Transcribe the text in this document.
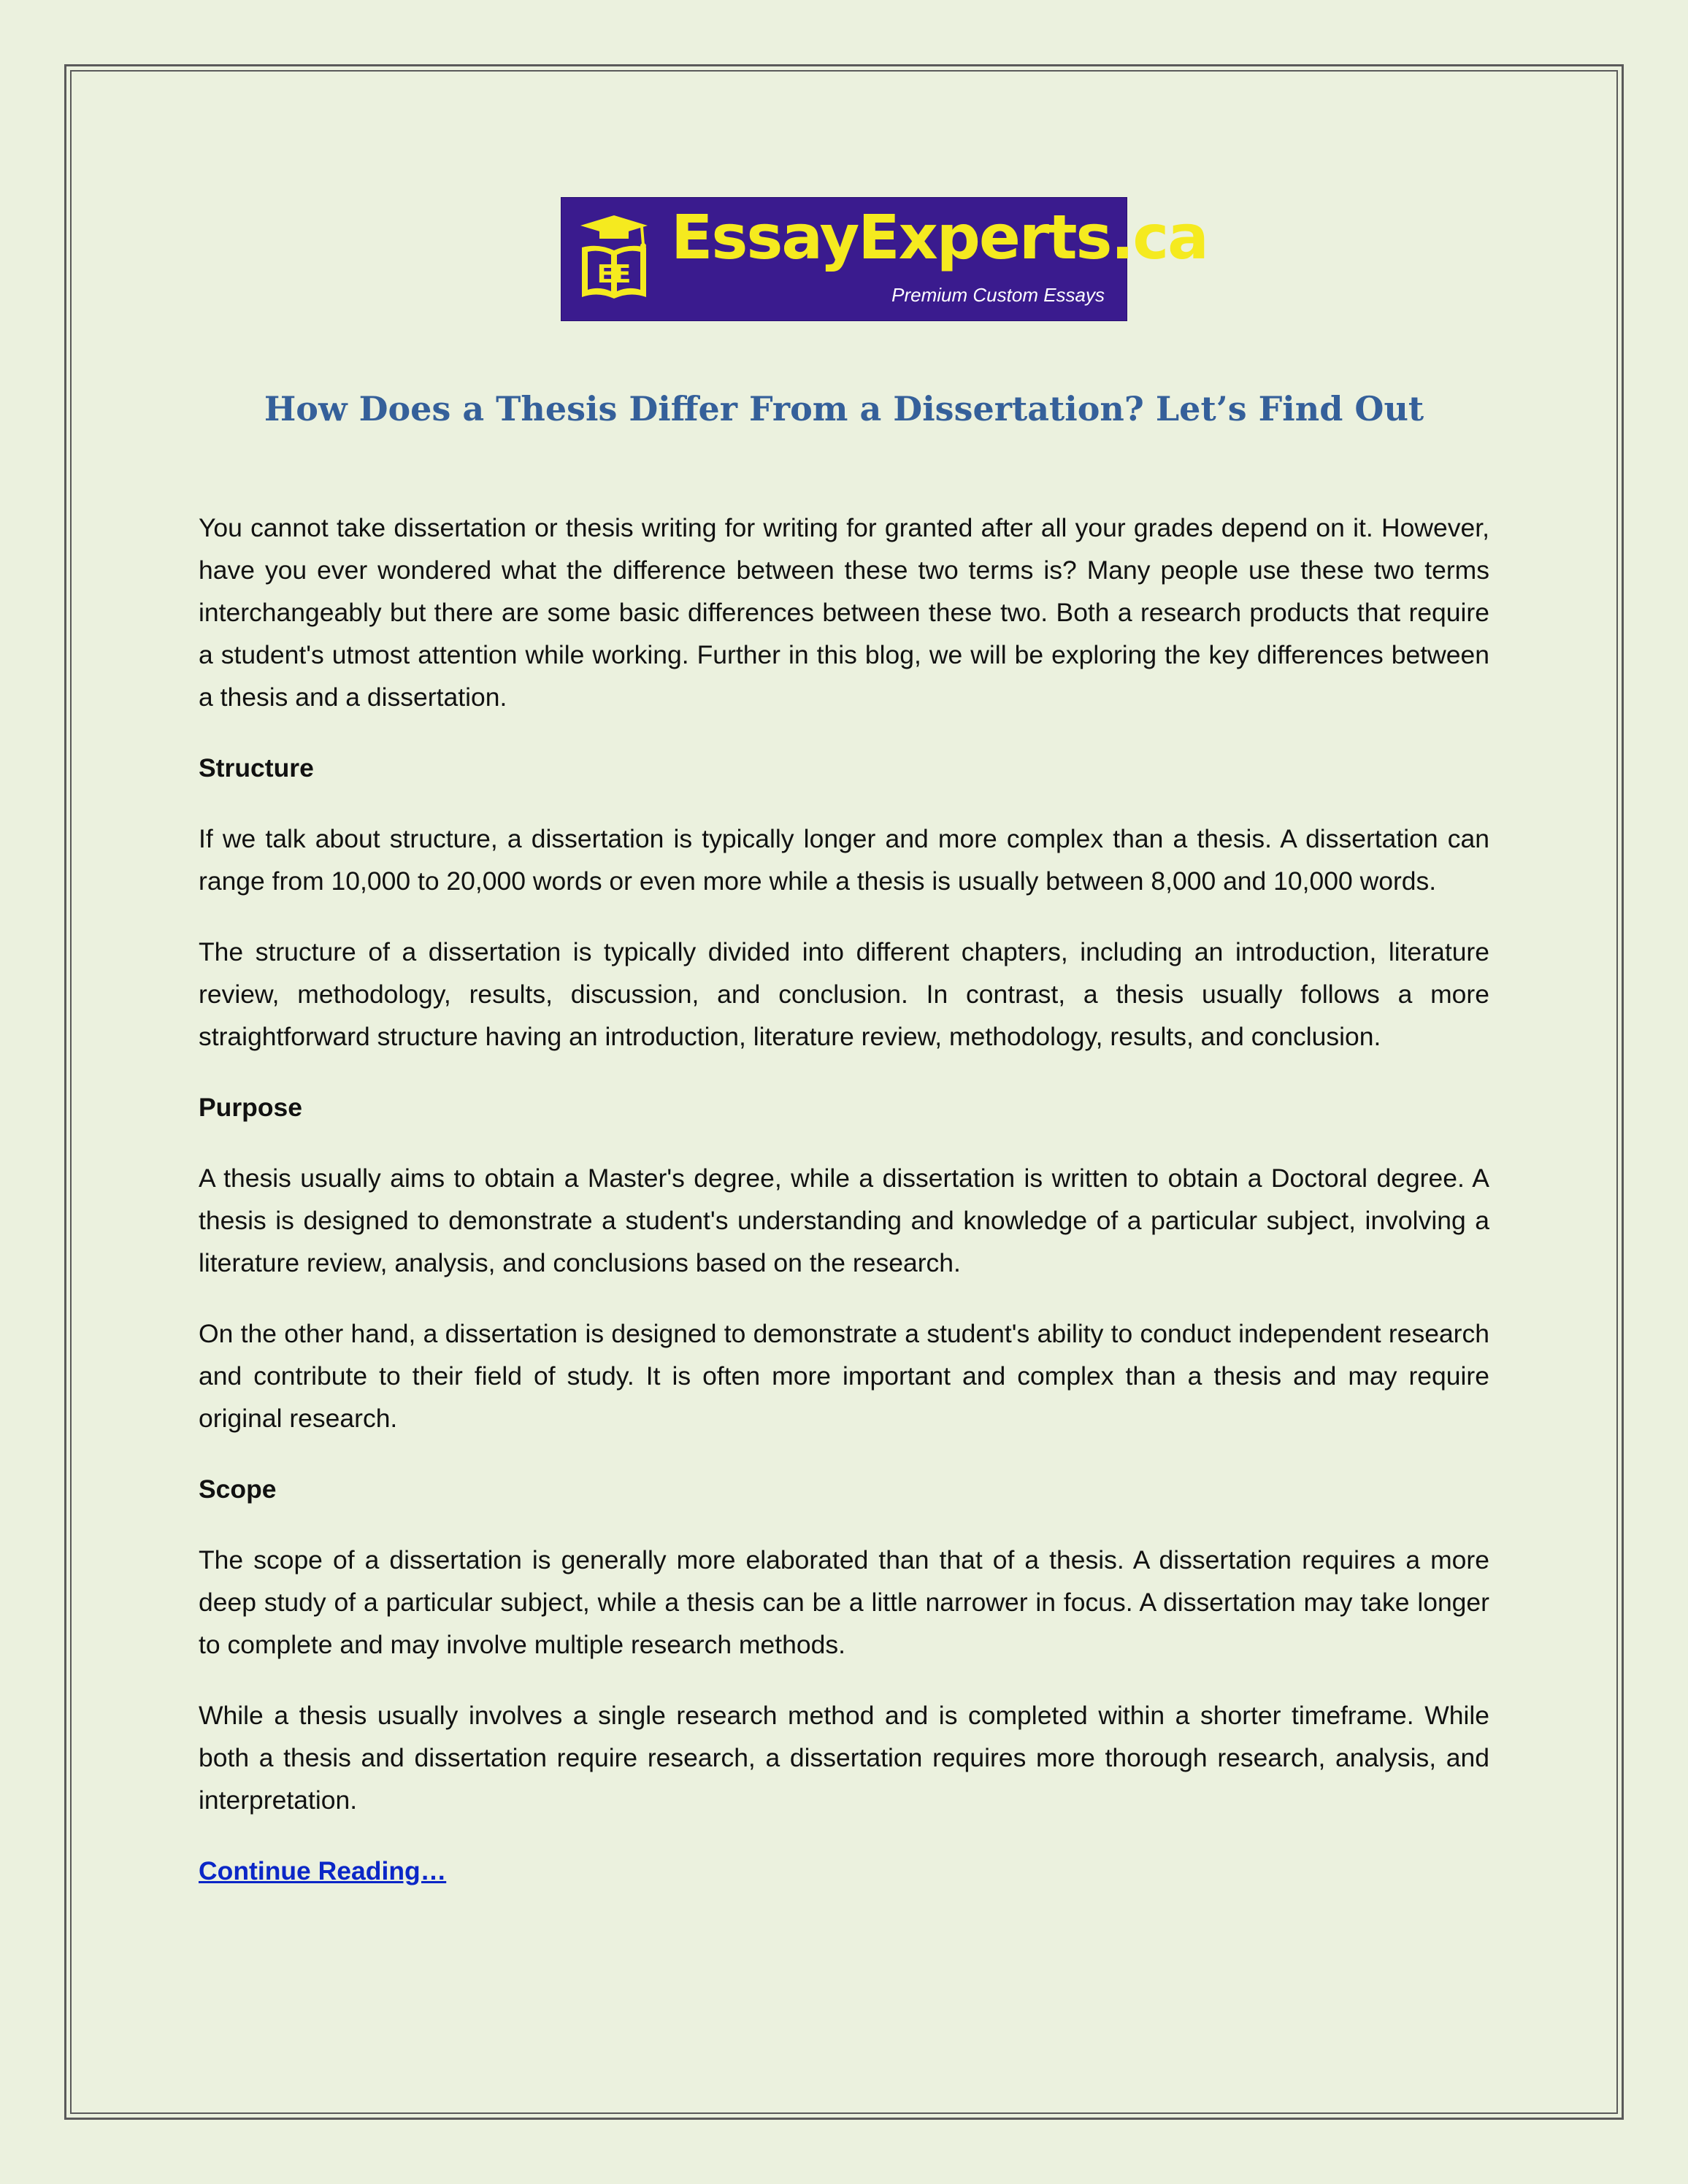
EE
EssayExperts.ca
Premium Custom Essays
How Does a Thesis Differ From a Dissertation? Let’s Find Out

You cannot take dissertation or thesis writing for writing for granted after all your grades depend on it. However, have you ever wondered what the difference between these two terms is? Many people use these two terms interchangeably but there are some basic differences between these two. Both a research products that require a student's utmost attention while working. Further in this blog, we will be exploring the key differences between a thesis and a dissertation.

Structure

If we talk about structure, a dissertation is typically longer and more complex than a thesis. A dissertation can range from 10,000 to 20,000 words or even more while a thesis is usually between 8,000 and 10,000 words.

The structure of a dissertation is typically divided into different chapters, including an introduction, literature review, methodology, results, discussion, and conclusion. In contrast, a thesis usually follows a more straightforward structure having an introduction, literature review, methodology, results, and conclusion.

Purpose

A thesis usually aims to obtain a Master's degree, while a dissertation is written to obtain a Doctoral degree. A thesis is designed to demonstrate a student's understanding and knowledge of a particular subject, involving a literature review, analysis, and conclusions based on the research.

On the other hand, a dissertation is designed to demonstrate a student's ability to conduct independent research and contribute to their field of study. It is often more important and complex than a thesis and may require original research.

Scope

The scope of a dissertation is generally more elaborated than that of a thesis. A dissertation requires a more deep study of a particular subject, while a thesis can be a little narrower in focus. A dissertation may take longer to complete and may involve multiple research methods.

While a thesis usually involves a single research method and is completed within a shorter timeframe. While both a thesis and dissertation require research, a dissertation requires more thorough research, analysis, and interpretation.

Continue Reading…
